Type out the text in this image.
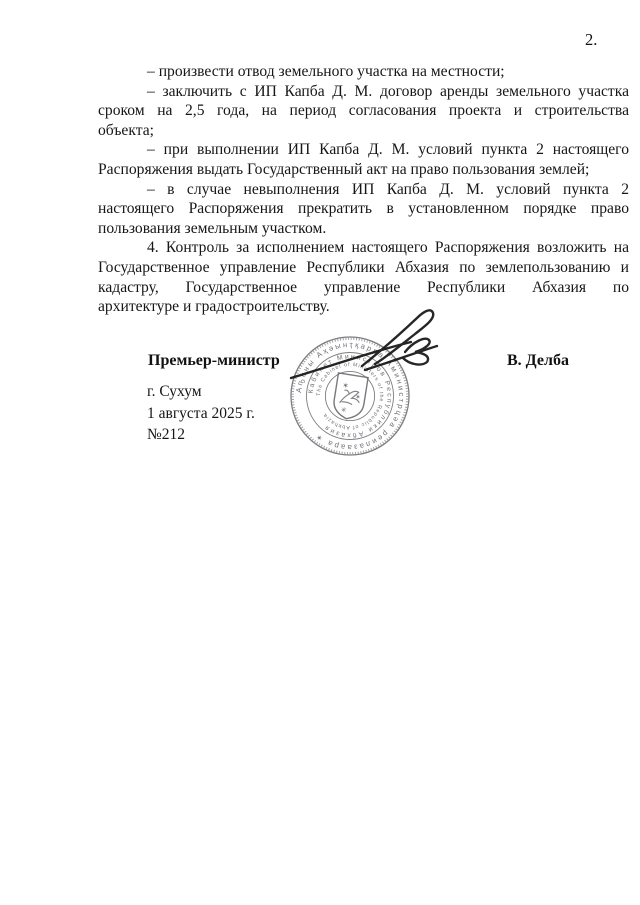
2.
– произвести отвод земельного участка на местности;
– заключить с ИП Капба Д. М. договор аренды земельного участка
сроком на 2,5 года, на период согласования проекта и строительства
объекта;
– при выполнении ИП Капба Д. М. условий пункта 2 настоящего
Распоряжения выдать Государственный акт на право пользования землей;
– в случае невыполнения ИП Капба Д. М. условий пункта 2
настоящего Распоряжения прекратить в установленном порядке право
пользования земельным участком.
4. Контроль за исполнением настоящего Распоряжения возложить на
Государственное управление Республики Абхазия по землепользованию и
кадастру, Государственное управление Республики Абхазия по
архитектуре и градостроительству.
Аҧсны Аҳәынҭқарра Аминистрцәа реилазаара ✶
Кабинет Министров Республики Абхазия
The Cabinet of Ministers of the Republic of Abkhazia
✶
✶
✳
Премьер-министр	В. Делба
г. Сухум
1 августа 2025 г.
№212
